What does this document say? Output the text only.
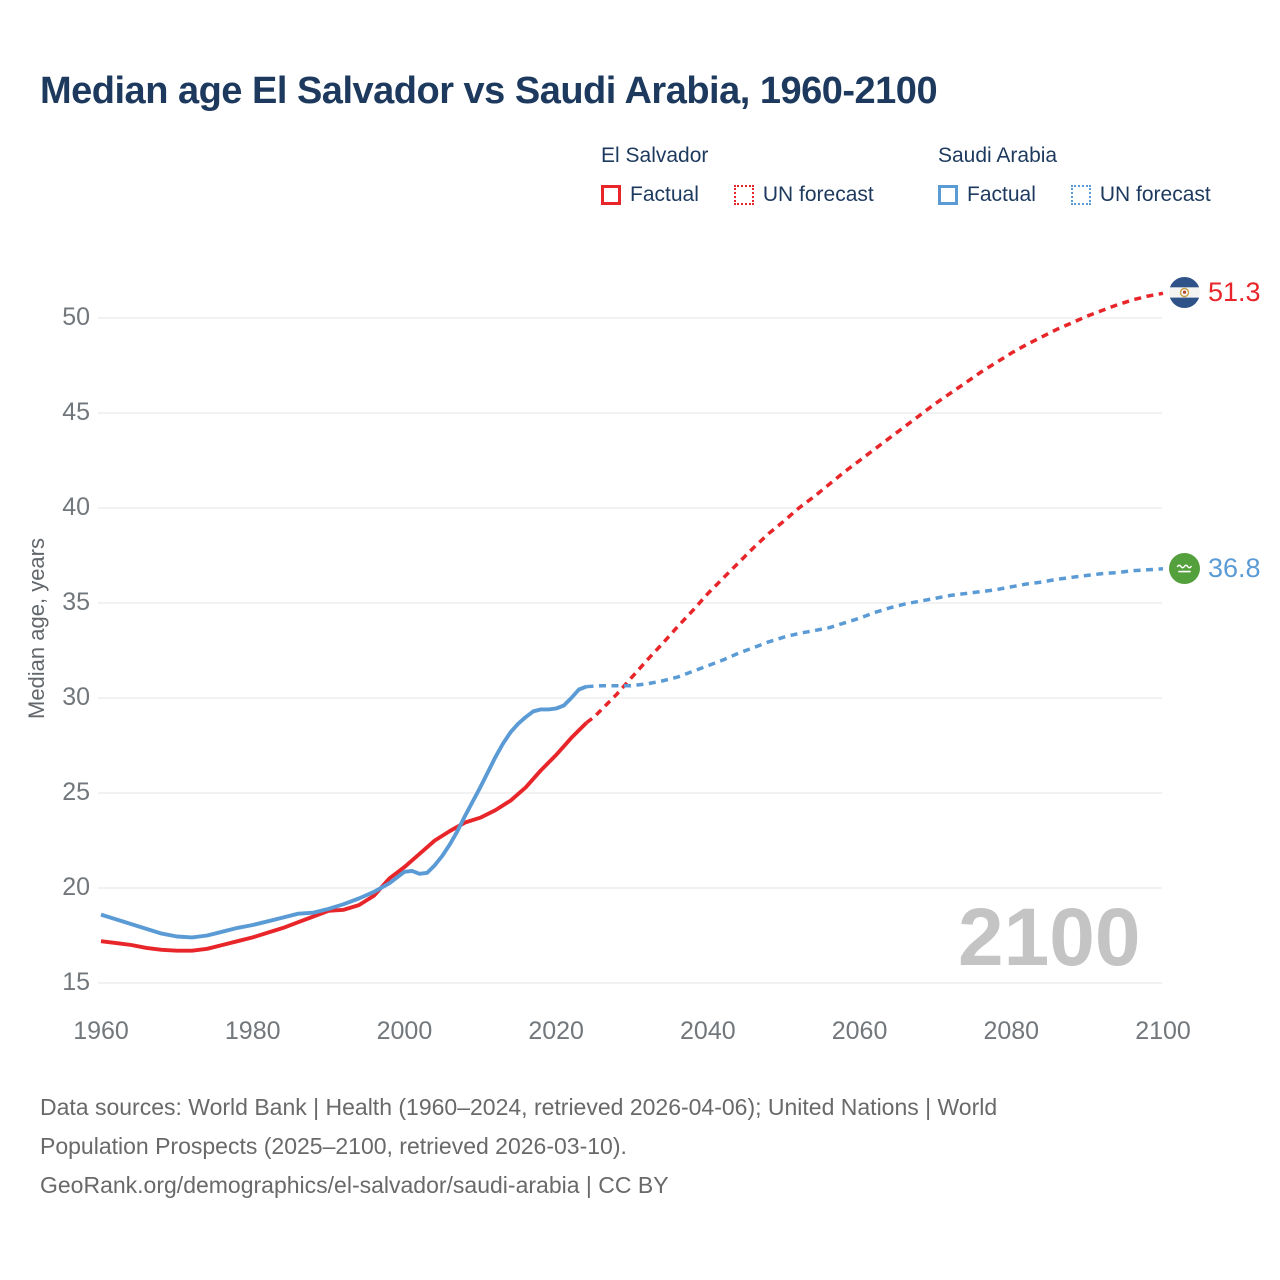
Median age El Salvador vs Saudi Arabia, 1960-2100
El Salvador
Factual	UN forecast
Saudi Arabia
Factual	UN forecast
2100
Median age, years
15
20
25
30
35
40
45
50
1960	1980	2000	2020	2040	2060	2080	2100
51.3
36.8
Data sources: World Bank | Health (1960–2024, retrieved 2026-04-06); United Nations | World
Population Prospects (2025–2100, retrieved 2026-03-10).
GeoRank.org/demographics/el-salvador/saudi-arabia | CC BY
